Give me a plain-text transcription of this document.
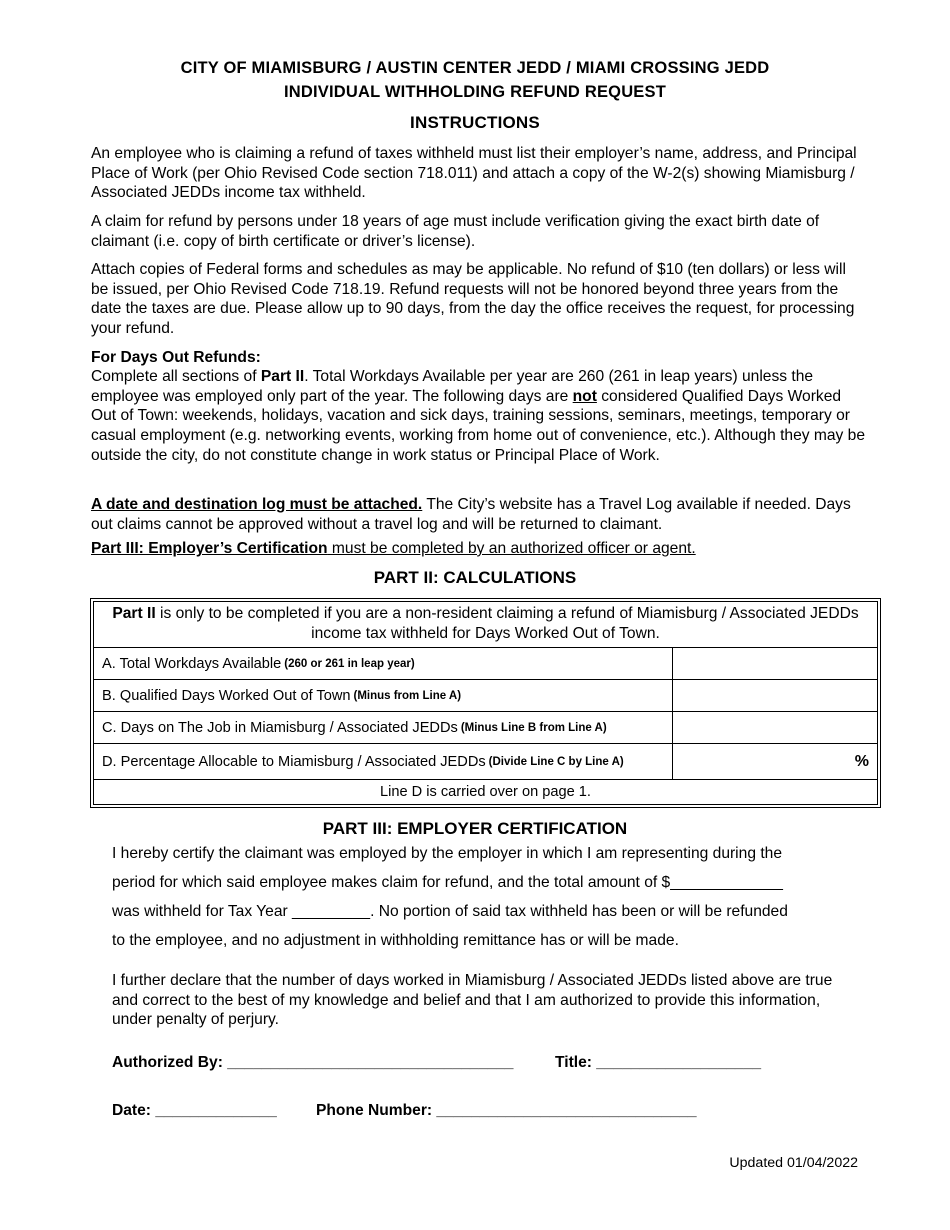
CITY OF MIAMISBURG / AUSTIN CENTER JEDD / MIAMI CROSSING JEDD
INDIVIDUAL WITHHOLDING REFUND REQUEST
INSTRUCTIONS
An employee who is claiming a refund of taxes withheld must list their employer’s name, address, and Principal Place of Work (per Ohio Revised Code section 718.011) and attach a copy of the W-2(s) showing Miamisburg / Associated JEDDs income tax withheld.
A claim for refund by persons under 18 years of age must include verification giving the exact birth date of claimant (i.e. copy of birth certificate or driver’s license).
Attach copies of Federal forms and schedules as may be applicable. No refund of $10 (ten dollars) or less will be issued, per Ohio Revised Code 718.19. Refund requests will not be honored beyond three years from the date the taxes are due. Please allow up to 90 days, from the day the office receives the request, for processing your refund.
For Days Out Refunds:
Complete all sections of Part II. Total Workdays Available per year are 260 (261 in leap years) unless the employee was employed only part of the year. The following days are not considered Qualified Days Worked Out of Town: weekends, holidays, vacation and sick days, training sessions, seminars, meetings, temporary or casual employment (e.g. networking events, working from home out of convenience, etc.). Although they may be outside the city, do not constitute change in work status or Principal Place of Work.
A date and destination log must be attached. The City’s website has a Travel Log available if needed. Days out claims cannot be approved without a travel log and will be returned to claimant.
Part III: Employer’s Certification must be completed by an authorized officer or agent.
PART II: CALCULATIONS
Part II is only to be completed if you are a non-resident claiming a refund of Miamisburg / Associated JEDDs income tax withheld for Days Worked Out of Town.
A. Total Workdays Available (260 or 261 in leap year)
B. Qualified Days Worked Out of Town (Minus from Line A)
C. Days on The Job in Miamisburg / Associated JEDDs (Minus Line B from Line A)
D. Percentage Allocable to Miamisburg / Associated JEDDs (Divide Line C by Line A)	%
Line D is carried over on page 1.
PART III: EMPLOYER CERTIFICATION
I hereby certify the claimant was employed by the employer in which I am representing during the
period for which said employee makes claim for refund, and the total amount of $_____________
was withheld for Tax Year _________. No portion of said tax withheld has been or will be refunded
to the employee, and no adjustment in withholding remittance has or will be made.
I further declare that the number of days worked in Miamisburg / Associated JEDDs listed above are true and correct to the best of my knowledge and belief and that I am authorized to provide this information, under penalty of perjury.
Authorized By: _________________________________	Title: ___________________
Date: ______________	Phone Number: ______________________________
Updated 01/04/2022
